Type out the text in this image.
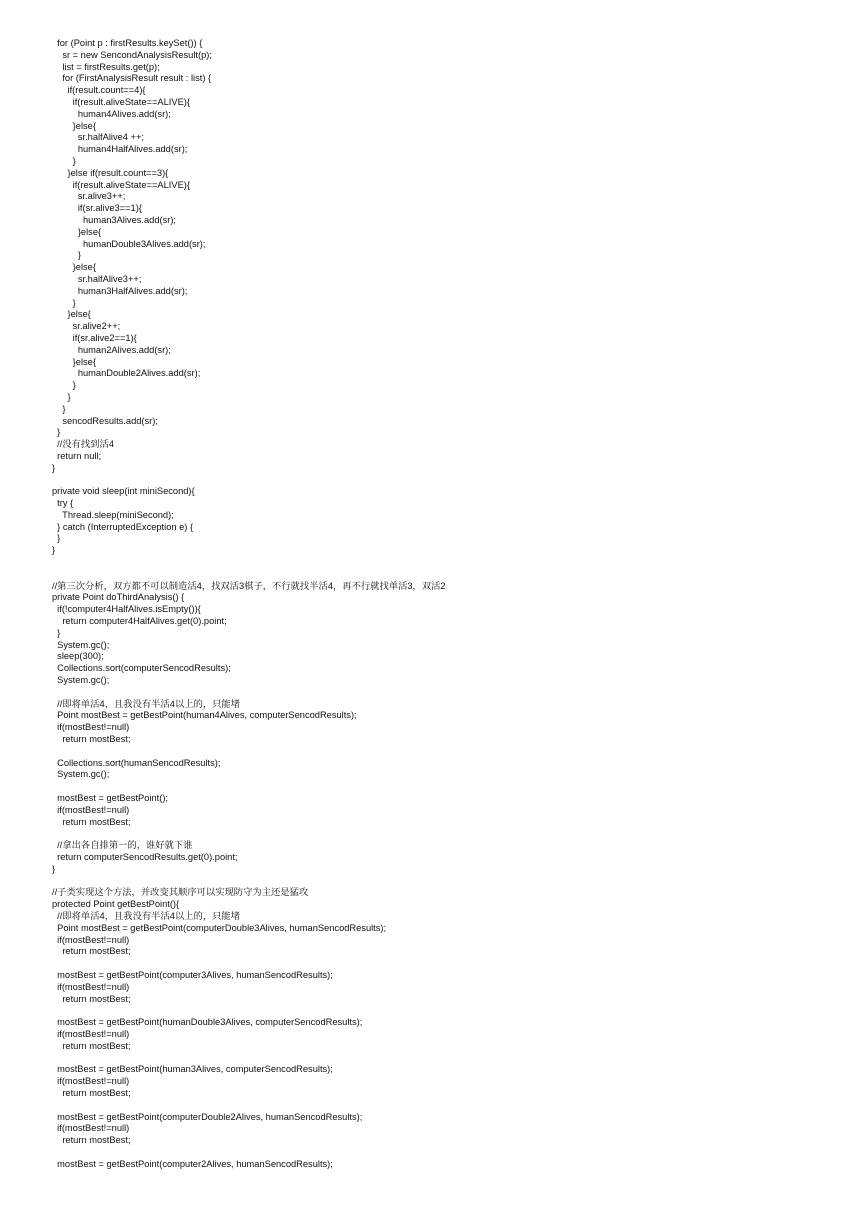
for (Point p : firstResults.keySet()) {
sr = new SencondAnalysisResult(p);
list = firstResults.get(p);
for (FirstAnalysisResult result : list) {
if(result.count==4){
if(result.aliveState==ALIVE){
human4Alives.add(sr);
}else{
sr.halfAlive4 ++;
human4HalfAlives.add(sr);
}
}else if(result.count==3){
if(result.aliveState==ALIVE){
sr.alive3++;
if(sr.alive3==1){
human3Alives.add(sr);
}else{
humanDouble3Alives.add(sr);
}
}else{
sr.halfAlive3++;
human3HalfAlives.add(sr);
}
}else{
sr.alive2++;
if(sr.alive2==1){
human2Alives.add(sr);
}else{
humanDouble2Alives.add(sr);
}
}
}
sencodResults.add(sr);
}
//没有找到活4
return null;
}
private void sleep(int miniSecond){
try {
Thread.sleep(miniSecond);
} catch (InterruptedException e) {
}
}
//第三次分析，双方都不可以制造活4，找双活3棋子，不行就找半活4，再不行就找单活3，双活2
private Point doThirdAnalysis() {
if(!computer4HalfAlives.isEmpty()){
return computer4HalfAlives.get(0).point;
}
System.gc();
sleep(300);
Collections.sort(computerSencodResults);
System.gc();
//即将单活4，且我没有半活4以上的，只能堵
Point mostBest = getBestPoint(human4Alives, computerSencodResults);
if(mostBest!=null)
return mostBest;
Collections.sort(humanSencodResults);
System.gc();
mostBest = getBestPoint();
if(mostBest!=null)
return mostBest;
//拿出各自排第一的，谁好就下谁
return computerSencodResults.get(0).point;
}
//子类实现这个方法，并改变其顺序可以实现防守为主还是猛攻
protected Point getBestPoint(){
//即将单活4，且我没有半活4以上的，只能堵
Point mostBest = getBestPoint(computerDouble3Alives, humanSencodResults);
if(mostBest!=null)
return mostBest;
mostBest = getBestPoint(computer3Alives, humanSencodResults);
if(mostBest!=null)
return mostBest;
mostBest = getBestPoint(humanDouble3Alives, computerSencodResults);
if(mostBest!=null)
return mostBest;
mostBest = getBestPoint(human3Alives, computerSencodResults);
if(mostBest!=null)
return mostBest;
mostBest = getBestPoint(computerDouble2Alives, humanSencodResults);
if(mostBest!=null)
return mostBest;
mostBest = getBestPoint(computer2Alives, humanSencodResults);
